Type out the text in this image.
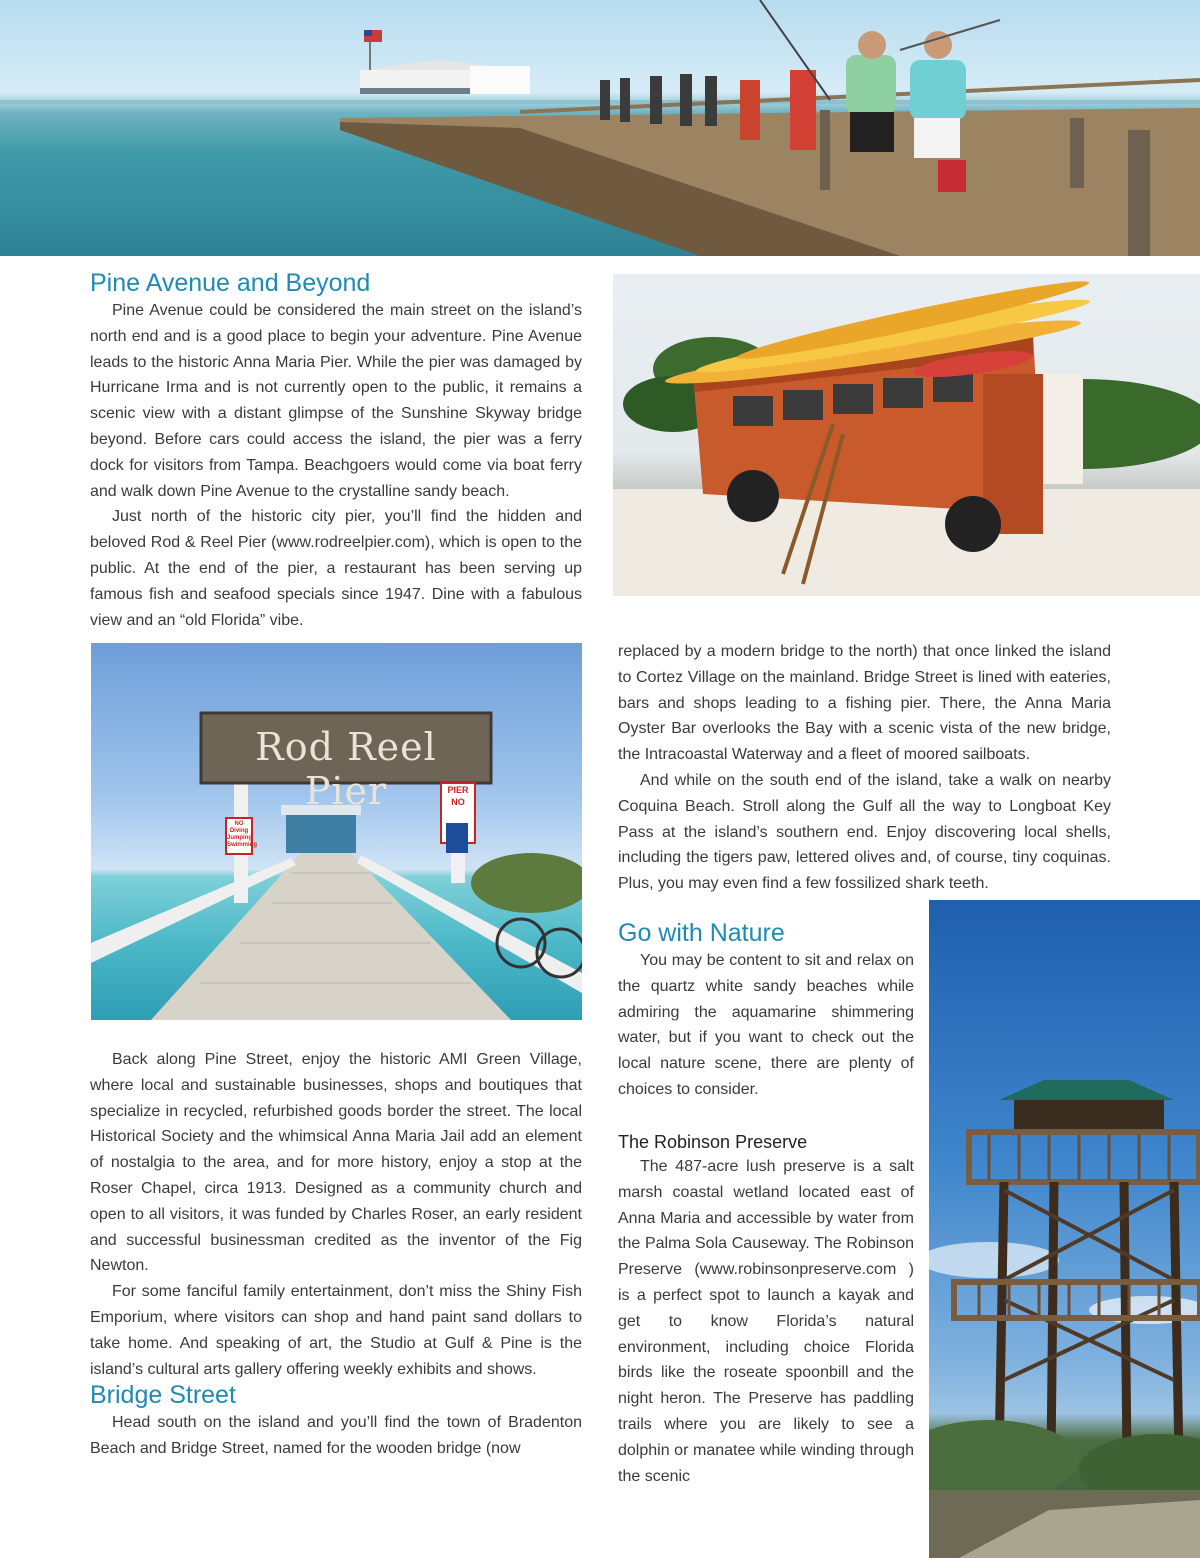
Pine Avenue and Beyond

Pine Avenue could be considered the main street on the island’s north end and is a good place to begin your adventure. Pine Avenue leads to the historic Anna Maria Pier. While the pier was damaged by Hurricane Irma and is not currently open to the public, it remains a scenic view with a distant glimpse of the Sunshine Skyway bridge beyond. Before cars could access the island, the pier was a ferry dock for visitors from Tampa. Beachgoers would come via boat ferry and walk down Pine Avenue to the crystalline sandy beach.

Just north of the historic city pier, you’ll find the hidden and beloved Rod & Reel Pier (www.rodreelpier.com), which is open to the public. At the end of the pier, a restaurant has been serving up famous fish and seafood specials since 1947. Dine with a fabulous view and an “old Florida” vibe.

Rod Reel Pier	PIER
NO
NO Diving Jumping Swimming

Back along Pine Street, enjoy the historic AMI Green Village, where local and sustainable businesses, shops and boutiques that specialize in recycled, refurbished goods border the street. The local Historical Society and the whimsical Anna Maria Jail add an element of nostalgia to the area, and for more history, enjoy a stop at the Roser Chapel, circa 1913. Designed as a community church and open to all visitors, it was funded by Charles Roser, an early resident and successful businessman credited as the inventor of the Fig Newton.

For some fanciful family entertainment, don’t miss the Shiny Fish Emporium, where visitors can shop and hand paint sand dollars to take home. And speaking of art, the Studio at Gulf & Pine is the island’s cultural arts gallery offering weekly exhibits and shows.

Bridge Street

Head south on the island and you’ll find the town of Bradenton Beach and Bridge Street, named for the wooden bridge (now

replaced by a modern bridge to the north) that once linked the island to Cortez Village on the mainland. Bridge Street is lined with eateries, bars and shops leading to a fishing pier. There, the Anna Maria Oyster Bar overlooks the Bay with a scenic vista of the new bridge, the Intracoastal Waterway and a fleet of moored sailboats.

And while on the south end of the island, take a walk on nearby Coquina Beach. Stroll along the Gulf all the way to Longboat Key Pass at the island’s southern end. Enjoy discovering local shells, including the tigers paw, lettered olives and, of course, tiny coquinas. Plus, you may even find a few fossilized shark teeth.

Go with Nature

You may be content to sit and relax on the quartz white sandy beaches while admiring the aquamarine shimmering water, but if you want to check out the local nature scene, there are plenty of choices to consider.

The Robinson Preserve

The 487-acre lush preserve is a salt marsh coastal wetland located east of Anna Maria and accessible by water from the Palma Sola Causeway. The Robinson Preserve (www.robinsonpreserve.com ) is a perfect spot to launch a kayak and get to know Florida’s natural environment, including choice Florida birds like the roseate spoonbill and the night heron. The Preserve has paddling trails where you are likely to see a dolphin or manatee while winding through the scenic
